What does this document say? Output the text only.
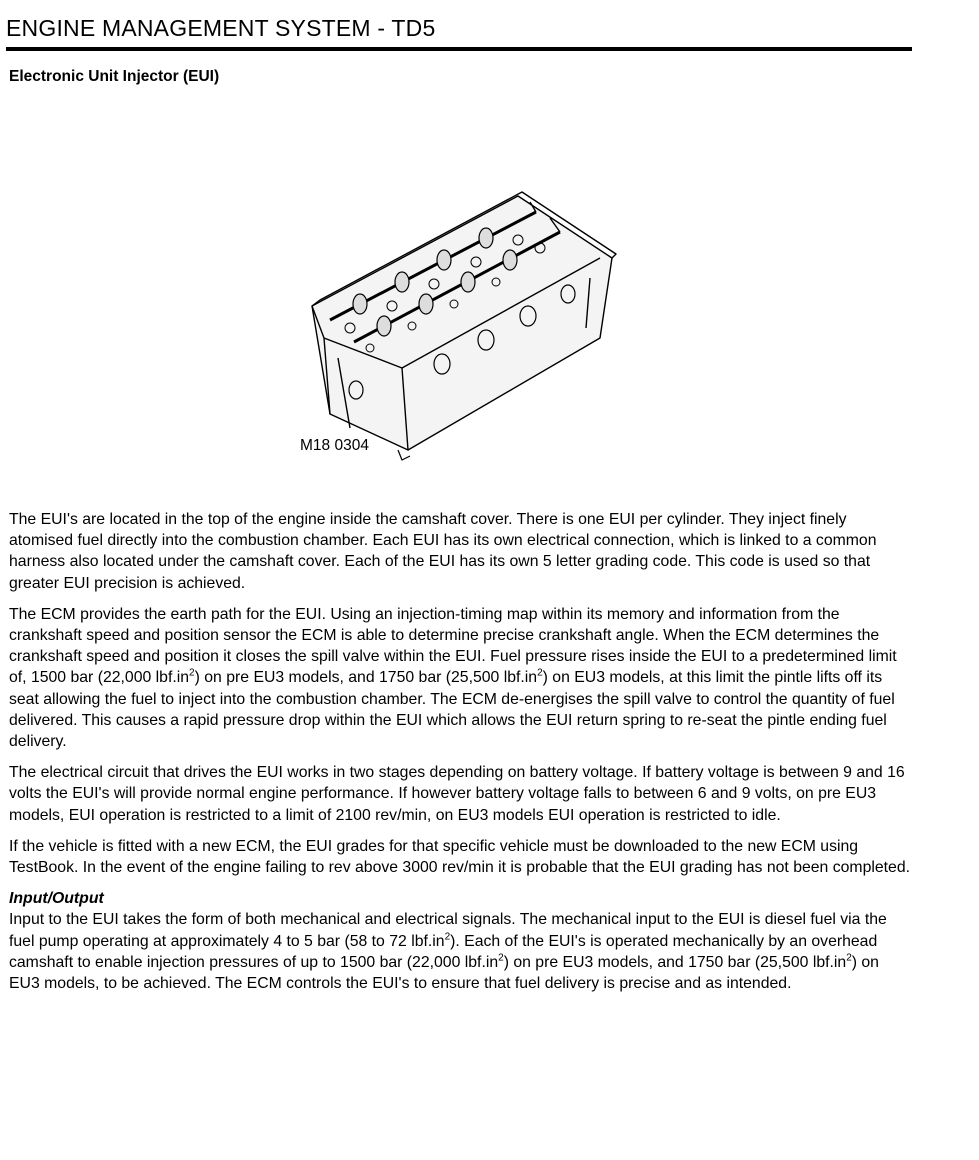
ENGINE MANAGEMENT SYSTEM - TD5
Electronic Unit Injector (EUI)
M18 0304

The EUI's are located in the top of the engine inside the camshaft cover. There is one EUI per cylinder. They inject finely atomised fuel directly into the combustion chamber. Each EUI has its own electrical connection, which is linked to a common harness also located under the camshaft cover. Each of the EUI has its own 5 letter grading code. This code is used so that greater EUI precision is achieved.

The ECM provides the earth path for the EUI. Using an injection-timing map within its memory and information from the crankshaft speed and position sensor the ECM is able to determine precise crankshaft angle. When the ECM determines the crankshaft speed and position it closes the spill valve within the EUI. Fuel pressure rises inside the EUI to a predetermined limit of, 1500 bar (22,000 $lbf.in^2$) on pre EU3 models, and 1750 bar (25,500 $lbf.in^2$) on EU3 models, at this limit the pintle lifts off its seat allowing the fuel to inject into the combustion chamber. The ECM de-energises the spill valve to control the quantity of fuel delivered. This causes a rapid pressure drop within the EUI which allows the EUI return spring to re-seat the pintle ending fuel delivery.

The electrical circuit that drives the EUI works in two stages depending on battery voltage. If battery voltage is between 9 and 16 volts the EUI's will provide normal engine performance. If however battery voltage falls to between 6 and 9 volts, on pre EU3 models, EUI operation is restricted to a limit of 2100 rev/min, on EU3 models EUI operation is restricted to idle.

If the vehicle is fitted with a new ECM, the EUI grades for that specific vehicle must be downloaded to the new ECM using TestBook. In the event of the engine failing to rev above 3000 rev/min it is probable that the EUI grading has not been completed.

Input/Output

Input to the EUI takes the form of both mechanical and electrical signals. The mechanical input to the EUI is diesel fuel via the fuel pump operating at approximately 4 to 5 bar (58 to 72 $lbf.in^2$). Each of the EUI's is operated mechanically by an overhead camshaft to enable injection pressures of up to 1500 bar (22,000 $lbf.in^2$) on pre EU3 models, and 1750 bar (25,500 $lbf.in^2$) on EU3 models, to be achieved. The ECM controls the EUI's to ensure that fuel delivery is precise and as intended.
